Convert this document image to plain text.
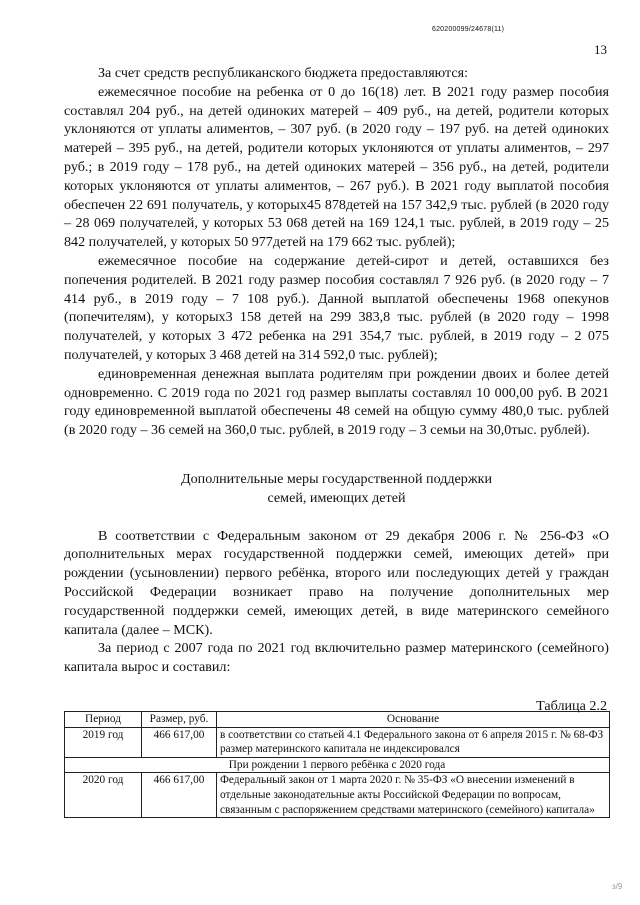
620200099/24678(11)
13

За счет средств республиканского бюджета предоставляются:

ежемесячное пособие на ребенка от 0 до 16(18) лет. В 2021 году размер пособия составлял 204 руб., на детей одиноких матерей – 409 руб., на детей, родители которых уклоняются от уплаты алиментов, – 307 руб. (в 2020 году – 197 руб. на детей одиноких матерей – 395 руб., на детей, родители которых уклоняются от уплаты алиментов, – 297 руб.; в 2019 году – 178 руб., на детей одиноких матерей – 356 руб., на детей, родители которых уклоняются от уплаты алиментов, – 267 руб.). В 2021 году выплатой пособия обеспечен 22 691 получатель, у которых45 878детей на 157 342,9 тыс. рублей (в 2020 году – 28 069 получателей, у которых 53 068 детей на 169 124,1 тыс. рублей, в 2019 году – 25 842 получателей, у которых 50 977детей на 179 662 тыс. рублей);

ежемесячное пособие на содержание детей-сирот и детей, оставшихся без попечения родителей. В 2021 году размер пособия составлял 7 926 руб. (в 2020 году – 7 414 руб., в 2019 году – 7 108 руб.). Данной выплатой обеспечены 1968 опекунов (попечителям), у которых3 158 детей на 299 383,8 тыс. рублей (в 2020 году – 1998 получателей, у которых 3 472 ребенка на 291 354,7 тыс. рублей, в 2019 году – 2 075 получателей, у которых 3 468 детей на 314 592,0 тыс. рублей);

единовременная денежная выплата родителям при рождении двоих и более детей одновременно. С 2019 года по 2021 год размер выплаты составлял 10 000,00 руб. В 2021 году единовременной выплатой обеспечены 48 семей на общую сумму 480,0 тыс. рублей (в 2020 году – 36 семей на 360,0 тыс. рублей, в 2019 году – 3 семьи на 30,0тыс. рублей).

Дополнительные меры государственной поддержки
семей, имеющих детей

В соответствии с Федеральным законом от 29 декабря 2006 г. № 256-ФЗ «О дополнительных мерах государственной поддержки семей, имеющих детей» при рождении (усыновлении) первого ребёнка, второго или последующих детей у граждан Российской Федерации возникает право на получение дополнительных мер государственной поддержки семей, имеющих детей, в виде материнского семейного капитала (далее – МСК).

За период с 2007 года по 2021 год включительно размер материнского (семейного) капитала вырос и составил:

Таблица 2.2
Период	Размер, руб.	Основание
2019 год	466 617,00	в соответствии со статьей 4.1 Федерального закона от 6 апреля 2015 г. № 68-ФЗ размер материнского капитала не индексировался
При рождении 1 первого ребёнка с 2020 года		
2020 год	466 617,00	Федеральный закон от 1 марта 2020 г. № 35-ФЗ «О внесении изменений в отдельные законодательные акты Российской Федерации по вопросам, связанным с распоряжением средствами материнского (семейного) капитала»
з/9
